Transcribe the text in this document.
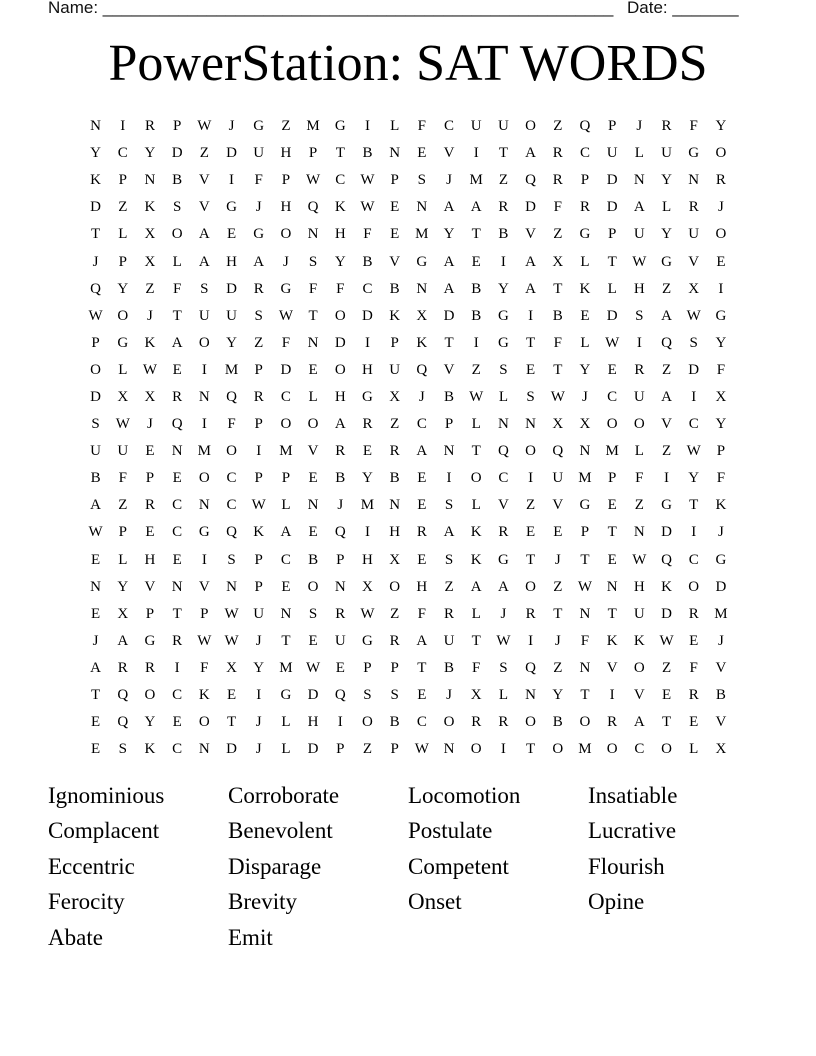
Name: ______________________________________________________ Date: _______
PowerStation: SAT WORDS
N	I	R	P	W	J	G	Z	M	G	I	L	F	C	U	U	O	Z	Q	P	J	R	F	Y
Y	C	Y	D	Z	D	U	H	P	T	B	N	E	V	I	T	A	R	C	U	L	U	G	O
K	P	N	B	V	I	F	P	W	C	W	P	S	J	M	Z	Q	R	P	D	N	Y	N	R
D	Z	K	S	V	G	J	H	Q	K W	E	N	A	A	R	D	F	R	D	A	L	R	J
T	L	X	O	A	E	G	O	N	H	F	E	M	Y	T	B	V	Z	G	P	U	Y	U	O
J	P	X	L	A	H	A	J	S	Y	B	V	G	A	E	I	A	X	L	T	W G	V	E
Q	Y	Z	F	S	D	R	G	F	F	C	B	N	A	B	Y	A	T	K	L	H	Z	X	I
W O	J	T	U	U	S	W	T	O	D	K	X	D	B	G	I	B	E	D	S	A W G
P	G	K	A	O	Y	Z	F	N	D	I	P	K	T	I	G	T	F	L	W	I	Q	S	Y
O	L	W	E	I	M	P	D	E	O	H	U	Q	V	Z	S	E	T	Y	E	R	Z	D	F
D	X	X	R	N	Q	R	C	L	H	G	X	J	B	W	L	S	W	J	C	U	A	I	X
S	W	J	Q	I	F	P	O	O	A	R	Z	C	P	L	N	N	X	X	O	O	V	C	Y
U	U	E	N	M	O	I	M	V	R	E	R	A	N	T	Q	O	Q	N	M	L	Z	W	P
B	F	P	E	O	C	P	P	E	B	Y	B	E	I	O	C	I	U	M	P	F	I	Y	F
A	Z	R	C	N	C	W	L	N	J	M	N	E	S	L	V	Z	V	G	E	Z	G	T	K
W	P	E	C	G	Q	K	A	E	Q	I	H	R	A	K	R	E	E	P	T	N	D	I	J
E	L	H	E	I	S	P	C	B	P	H	X	E	S	K	G	T	J	T	E	W Q	C	G
N	Y	V	N	V	N	P	E	O	N	X	O	H	Z	A	A	O	Z	W N	H	K	O	D
E	X	P	T	P	W U	N	S	R	W	Z	F	R	L	J	R	T	N	T	U	D	R	M
J	A	G	R	W W	J	T	E	U	G	R	A	U	T	W	I	J	F	K	K W	E	J
A	R	R	I	F	X	Y	M W	E	P	P	T	B	F	S	Q	Z	N	V	O	Z	F	V
T	Q	O	C	K	E	I	G	D	Q	S	S	E	J	X	L	N	Y	T	I	V	E	R	B
E	Q	Y	E	O	T	J	L	H	I	O	B	C	O	R	R	O	B	O	R	A	T	E	V
E	S	K	C	N	D	J	L	D	P	Z	P	W N	O	I	T	O	M	O	C	O	L	X
Ignominious	Corroborate	Locomotion	Insatiable
Complacent	Benevolent	Postulate	Lucrative
Eccentric	Disparage	Competent	Flourish
Ferocity	Brevity	Onset	Opine
Abate	Emit
